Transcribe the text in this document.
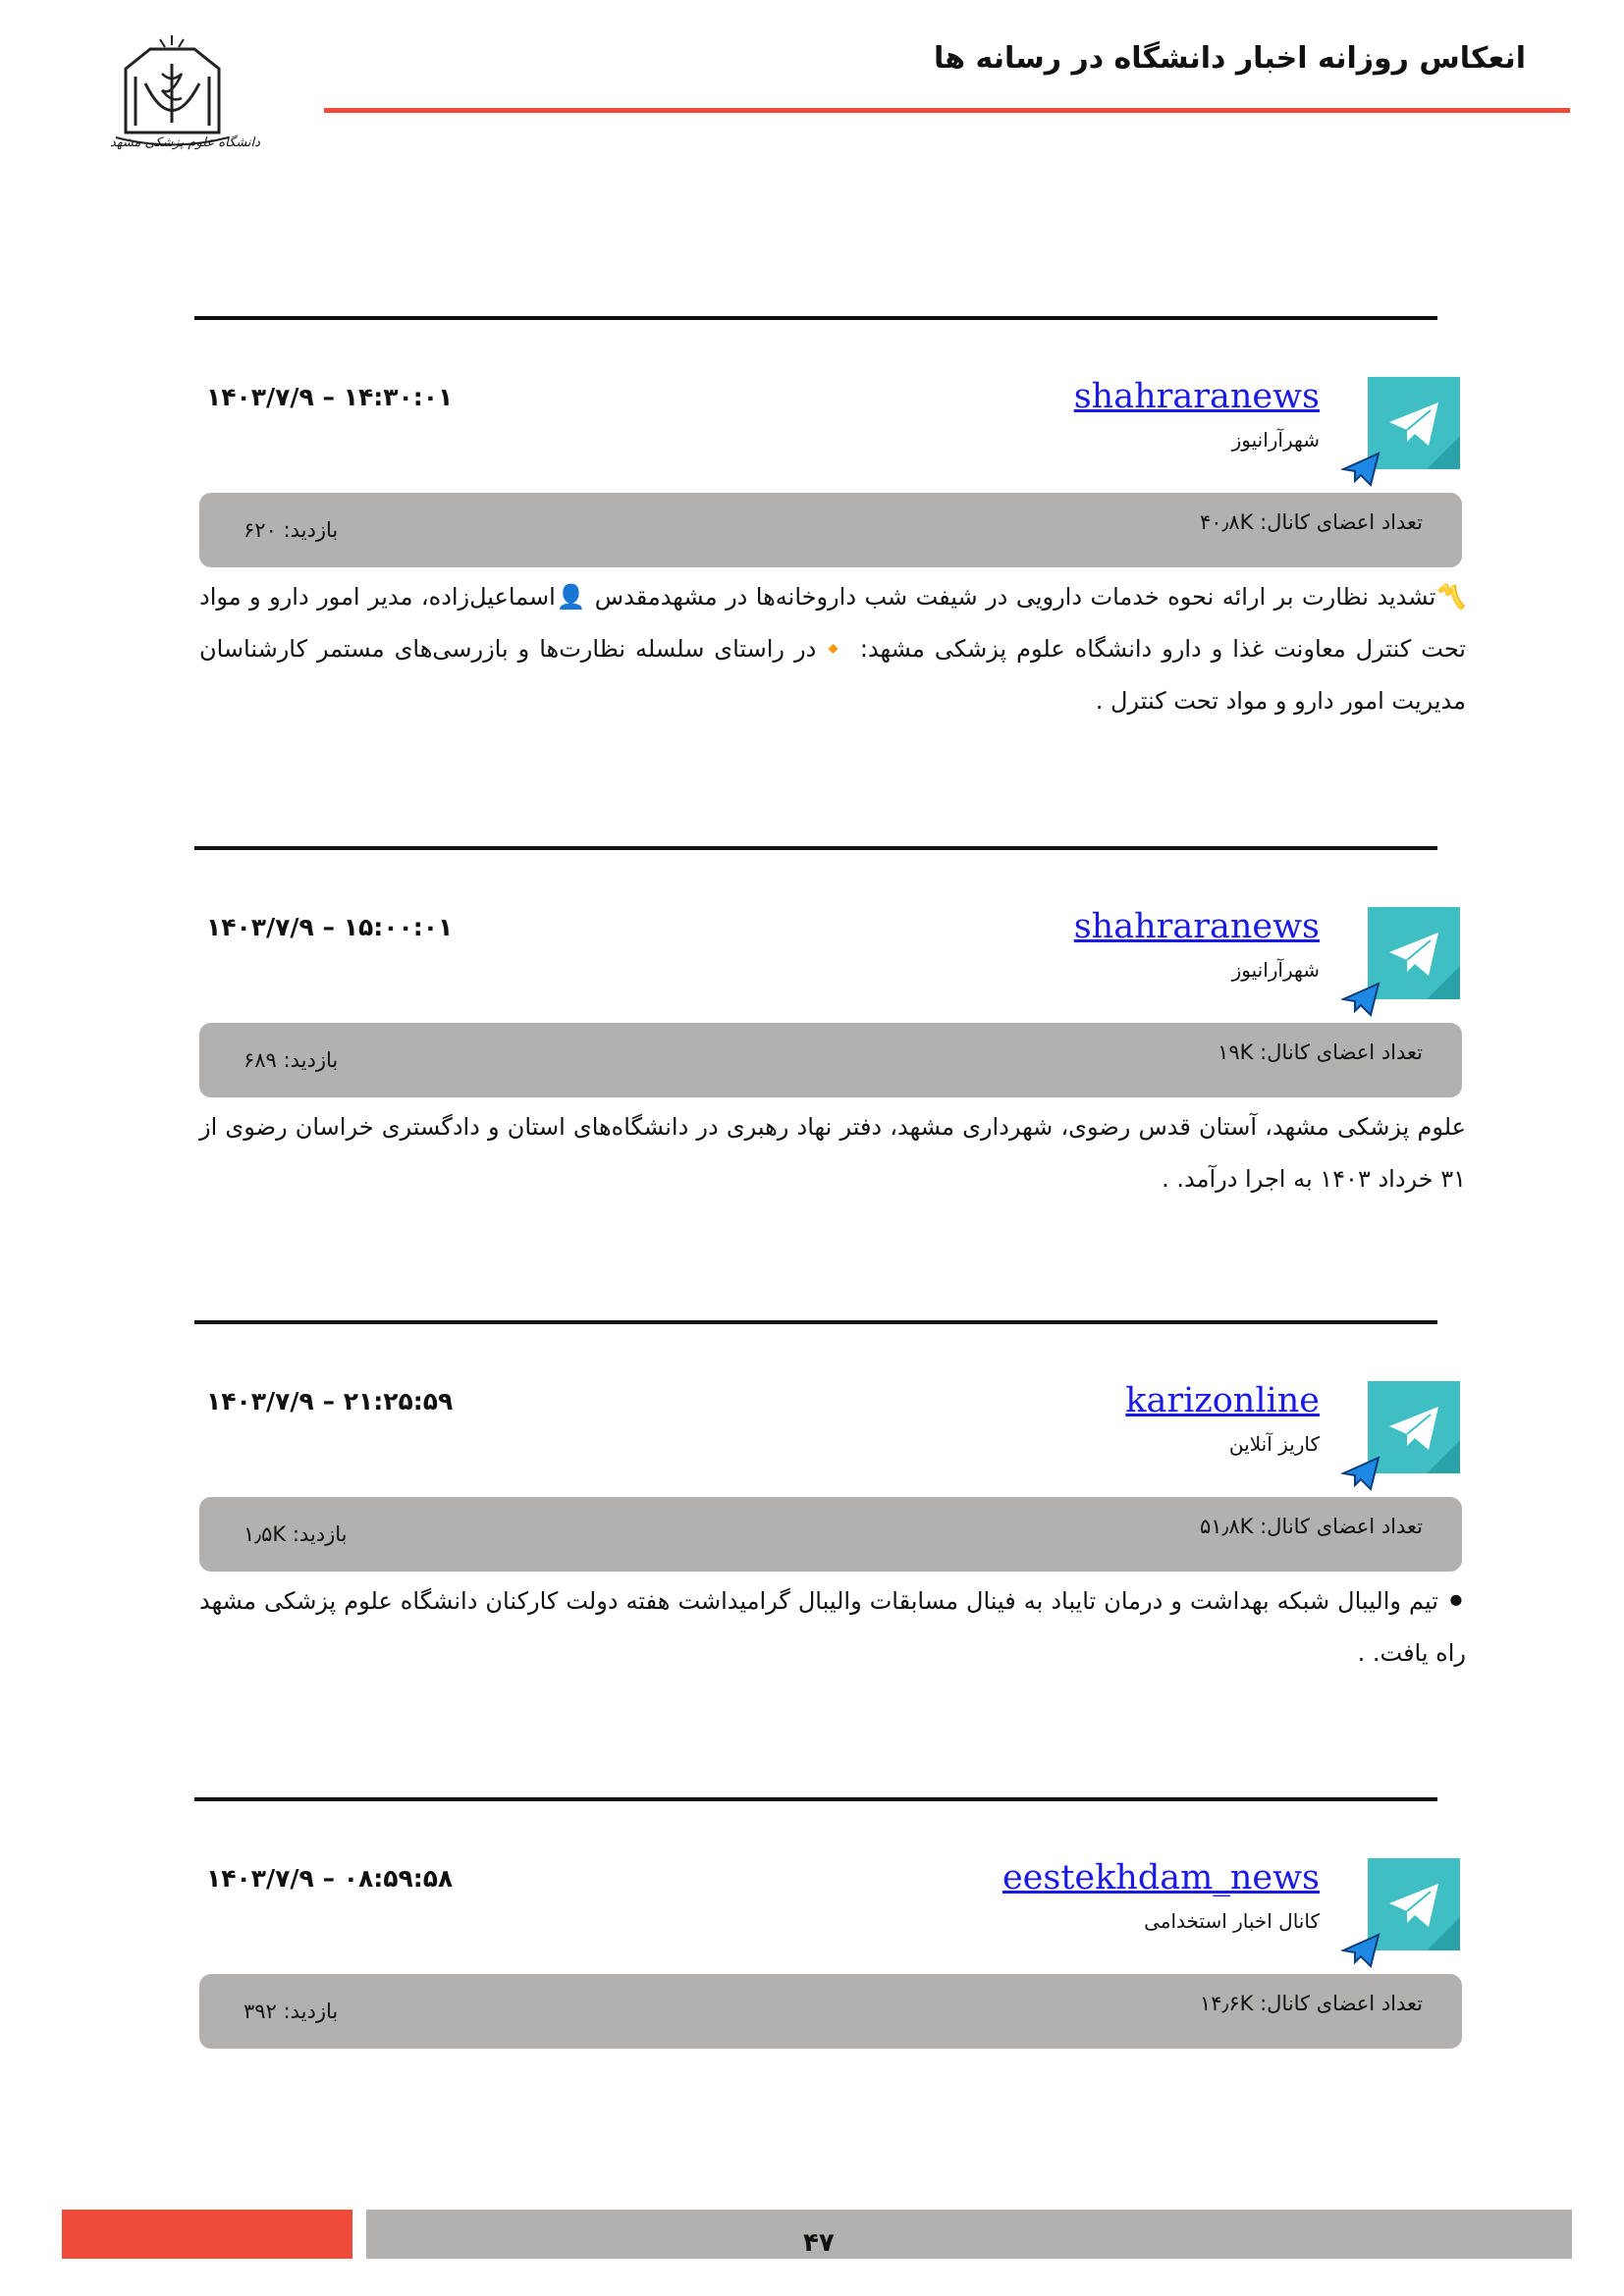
دانشگاه علوم پزشکی مشهد
انعکاس روزانه اخبار دانشگاه در رسانه ها
shahraranews
شهرآرانیوز
۱۴۰۳/۷/۹ – ۱۴:۳۰:۰۱
تعداد اعضای کانال: ۴۰٫۸K
بازدید: ۶۲۰
〽️تشدید نظارت بر ارائه نحوه خدمات دارویی در شیفت شب داروخانه‌ها در مشهدمقدس 👤اسماعیل‌زاده، مدیر امور دارو و مواد تحت کنترل معاونت غذا و دارو دانشگاه علوم پزشکی مشهد: 🔸در راستای سلسله نظارت‌ها و بازرسی‌های مستمر کارشناسان مدیریت امور دارو و مواد تحت کنترل .
shahraranews
شهرآرانیوز
۱۴۰۳/۷/۹ – ۱۵:۰۰:۰۱
تعداد اعضای کانال: ۱۹K
بازدید: ۶۸۹
علوم پزشکی مشهد، آستان قدس رضوی، شهرداری مشهد، دفتر نهاد رهبری در دانشگاه‌های استان و دادگستری خراسان رضوی از ۳۱ خرداد ۱۴۰۳ به اجرا درآمد. .
karizonline
کاریز آنلاین
۱۴۰۳/۷/۹ – ۲۱:۲۵:۵۹
تعداد اعضای کانال: ۵۱٫۸K
بازدید: ۱٫۵K
⚫ تیم والیبال شبکه بهداشت و درمان تایباد به فینال مسابقات والیبال گرامیداشت هفته دولت کارکنان دانشگاه علوم پزشکی مشهد راه یافت. .
eestekhdam_news
کانال اخبار استخدامی
۱۴۰۳/۷/۹ – ۰۸:۵۹:۵۸
تعداد اعضای کانال: ۱۴٫۶K
بازدید: ۳۹۲
۴۷
